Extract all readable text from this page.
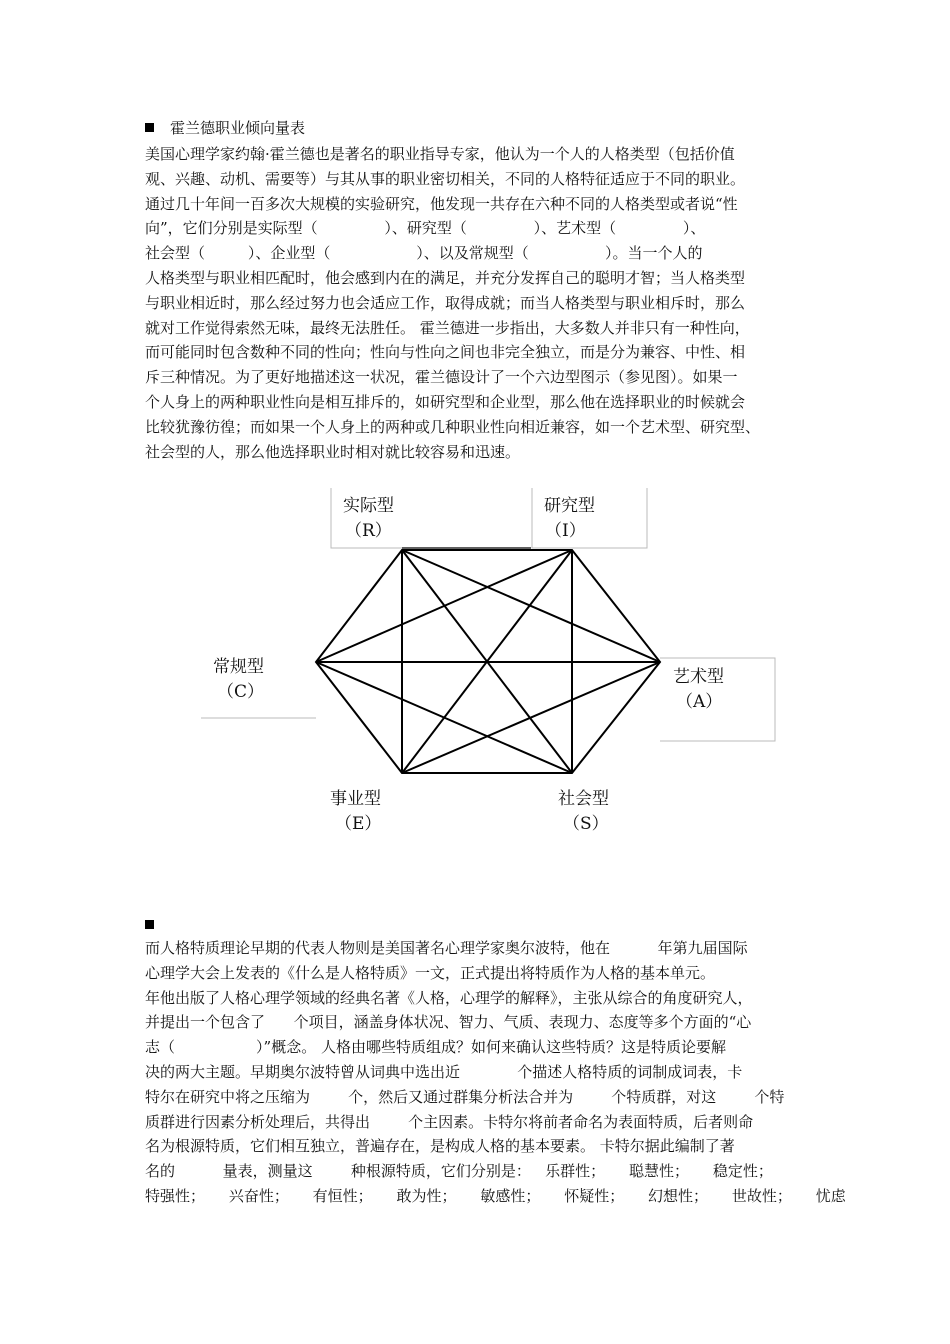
霍兰德职业倾向量表

美国心理学家约翰·霍兰德也是著名的职业指导专家，他认为一个人的人格类型（包括价值

观、兴趣、动机、需要等）与其从事的职业密切相关，不同的人格特征适应于不同的职业。

通过几十年间一百多次大规模的实验研究，他发现一共存在六种不同的人格类型或者说“性

向”，它们分别是实际型（              ）、研究型（              ）、艺术型（              ）、

社会型（         ）、企业型（                  ）、以及常规型（                ）。当一个人的

人格类型与职业相匹配时，他会感到内在的满足，并充分发挥自己的聪明才智；当人格类型

与职业相近时，那么经过努力也会适应工作，取得成就；而当人格类型与职业相斥时，那么

就对工作觉得索然无味，最终无法胜任。 霍兰德进一步指出，大多数人并非只有一种性向，

而可能同时包含数种不同的性向；性向与性向之间也非完全独立，而是分为兼容、中性、相

斥三种情况。为了更好地描述这一状况，霍兰德设计了一个六边型图示（参见图）。如果一

个人身上的两种职业性向是相互排斥的，如研究型和企业型，那么他在选择职业的时候就会

比较犹豫彷徨；而如果一个人身上的两种或几种职业性向相近兼容，如一个艺术型、研究型、

社会型的人，那么他选择职业时相对就比较容易和迅速。

实际型
（R）
研究型
（I）
常规型
（C）
艺术型
（A）
事业型
（E）
社会型
（S）

而人格特质理论早期的代表人物则是美国著名心理学家奥尔波特，他在          年第九届国际

心理学大会上发表的《什么是人格特质》一文，正式提出将特质作为人格的基本单元。

年他出版了人格心理学领域的经典名著《人格，心理学的解释》，主张从综合的角度研究人，

并提出一个包含了      个项目，涵盖身体状况、智力、气质、表现力、态度等多个方面的“心

志（                 ）”概念。 人格由哪些特质组成？如何来确认这些特质？这是特质论要解

决的两大主题。早期奥尔波特曾从词典中选出近            个描述人格特质的词制成词表，卡

特尔在研究中将之压缩为        个，然后又通过群集分析法合并为        个特质群，对这        个特

质群进行因素分析处理后，共得出        个主因素。卡特尔将前者命名为表面特质，后者则命

名为根源特质，它们相互独立，普遍存在，是构成人格的基本要素。 卡特尔据此编制了著

名的          量表，测量这        种根源特质，它们分别是：   乐群性；     聪慧性；     稳定性；

特强性；     兴奋性；     有恒性；     敢为性；     敏感性；     怀疑性；     幻想性；     世故性；     忧虑
